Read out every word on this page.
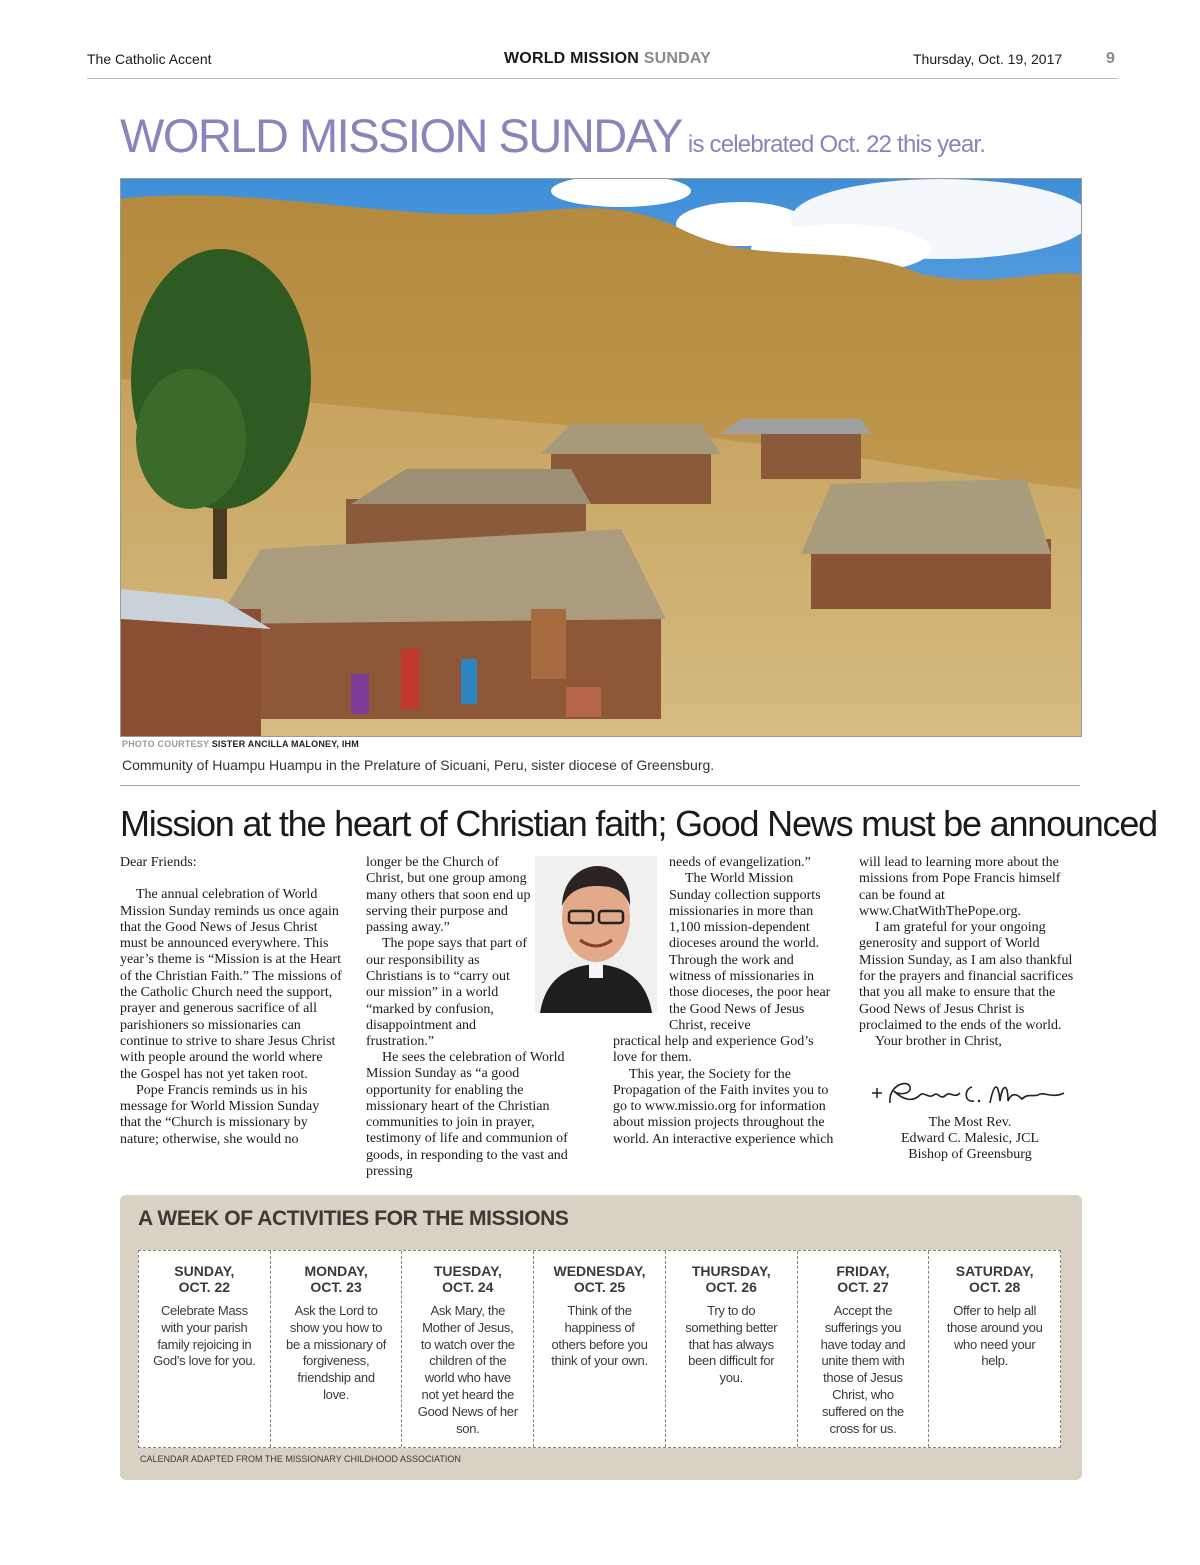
The Catholic Accent	WORLD MISSION SUNDAY	Thursday, Oct. 19, 2017	9
WORLD MISSION SUNDAY is celebrated Oct. 22 this year.
PHOTO COURTESY SISTER ANCILLA MALONEY, IHM
Community of Huampu Huampu in the Prelature of Sicuani, Peru, sister diocese of Greensburg.
Mission at the heart of Christian faith; Good News must be announced

Dear Friends:

The annual celebration of World Mission Sunday reminds us once again that the Good News of Jesus Christ must be announced everywhere. This year’s theme is “Mission is at the Heart of the Christian Faith.” The missions of the Catholic Church need the support, prayer and generous sacrifice of all parishioners so missionaries can continue to strive to share Jesus Christ with people around the world where the Gospel has not yet taken root.

Pope Francis reminds us in his message for World Mission Sunday that the “Church is missionary by nature; otherwise, she would no

longer be the Church of Christ, but one group among many others that soon end up serving their purpose and passing away.”

The pope says that part of our responsibility as Christians is to “carry out our mission” in a world “marked by confusion, disappointment and frustration.”

He sees the celebration of World Mission Sunday as “a good opportunity for enabling the missionary heart of the Christian communities to join in prayer, testimony of life and communion of goods, in responding to the vast and pressing

needs of evangelization.”

The World Mission Sunday collection supports missionaries in more than 1,100 mission-dependent dioceses around the world. Through the work and witness of missionaries in those dioceses, the poor hear the Good News of Jesus Christ, receive

practical help and experience God’s love for them.

This year, the Society for the Propagation of the Faith invites you to go to www.missio.org for information about mission projects throughout the world. An interactive experience which

will lead to learning more about the missions from Pope Francis himself can be found at www.ChatWithThePope.org.

I am grateful for your ongoing generosity and support of World Mission Sunday, as I am also thankful for the prayers and financial sacrifices that you all make to ensure that the Good News of Jesus Christ is proclaimed to the ends of the world.

Your brother in Christ,

The Most Rev.

Edward C. Malesic, JCL

Bishop of Greensburg

A WEEK OF ACTIVITIES FOR THE MISSIONS
SUNDAY,
OCT. 22
Celebrate Mass with your parish family rejoicing in God’s love for you.
MONDAY,
OCT. 23
Ask the Lord to show you how to be a missionary of forgiveness, friendship and love.
TUESDAY,
OCT. 24
Ask Mary, the Mother of Jesus, to watch over the children of the world who have not yet heard the Good News of her son.
WEDNESDAY,
OCT. 25
Think of the happiness of others before you think of your own.
THURSDAY,
OCT. 26
Try to do something better that has always been difficult for you.
FRIDAY,
OCT. 27
Accept the sufferings you have today and unite them with those of Jesus Christ, who suffered on the cross for us.
SATURDAY,
OCT. 28
Offer to help all those around you who need your help.
CALENDAR ADAPTED FROM THE MISSIONARY CHILDHOOD ASSOCIATION
